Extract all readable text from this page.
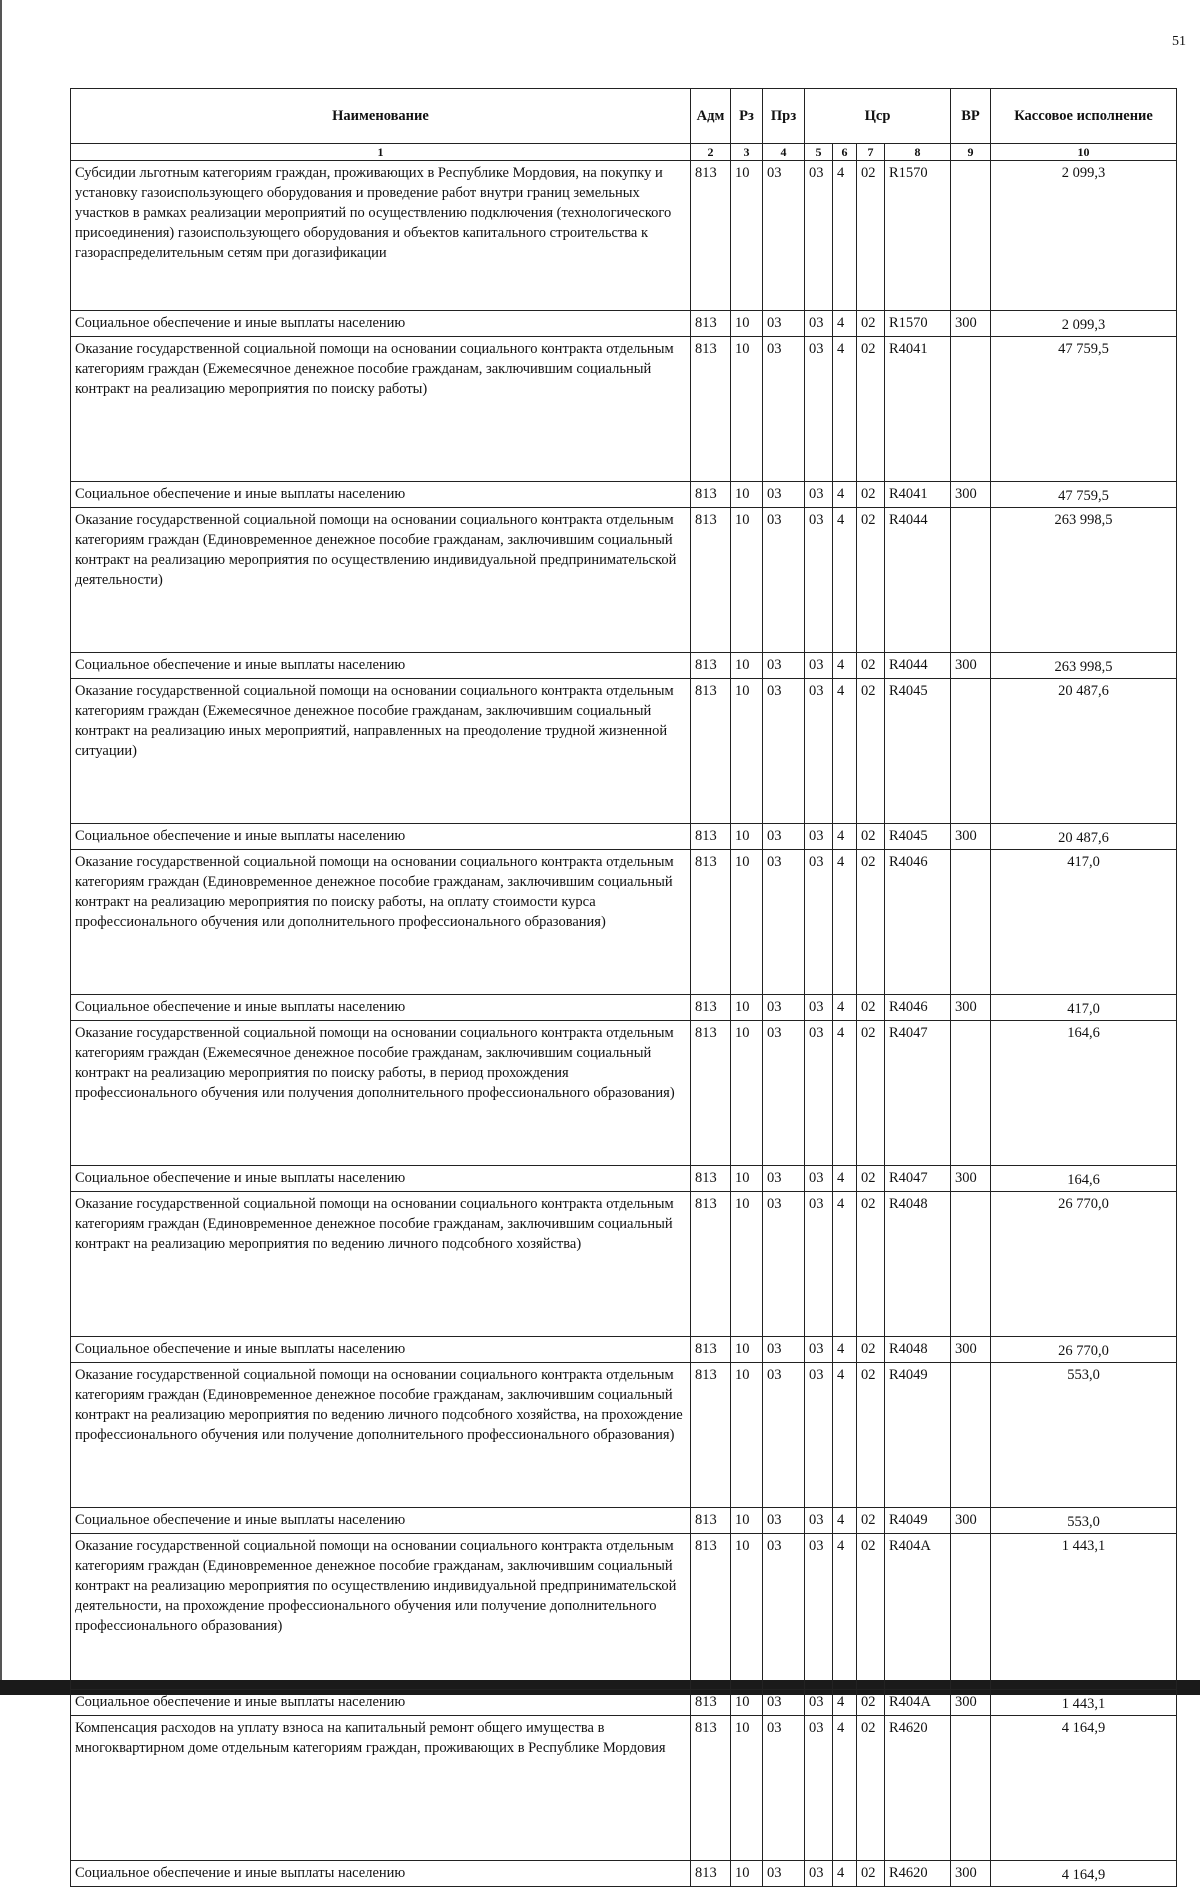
51
Наименование	Адм	Рз	Прз	Цср				ВР	Кассовое исполнение
1	2	3	4	5	6	7	8	9	10
Субсидии льготным категориям граждан, проживающих в Республике Мордовия, на покупку и установку газоиспользующего оборудования и проведение работ внутри границ земельных участков в рамках реализации мероприятий по осуществлению подключения (технологического присоединения) газоиспользующего оборудования и объектов капитального строительства к газораспределительным сетям при догазификации	813	10	03	03	4	02	R1570		2 099,3
Социальное обеспечение и иные выплаты населению	813	10	03	03	4	02	R1570	300	2 099,3
Оказание государственной социальной помощи на основании социального контракта отдельным категориям граждан (Ежемесячное денежное пособие гражданам, заключившим социальный контракт на реализацию мероприятия по поиску работы)	813	10	03	03	4	02	R4041		47 759,5
Социальное обеспечение и иные выплаты населению	813	10	03	03	4	02	R4041	300	47 759,5
Оказание государственной социальной помощи на основании социального контракта отдельным категориям граждан (Единовременное денежное пособие гражданам, заключившим социальный контракт на реализацию мероприятия по осуществлению индивидуальной предпринимательской деятельности)	813	10	03	03	4	02	R4044		263 998,5
Социальное обеспечение и иные выплаты населению	813	10	03	03	4	02	R4044	300	263 998,5
Оказание государственной социальной помощи на основании социального контракта отдельным категориям граждан (Ежемесячное денежное пособие гражданам, заключившим социальный контракт на реализацию иных мероприятий, направленных на преодоление трудной жизненной ситуации)	813	10	03	03	4	02	R4045		20 487,6
Социальное обеспечение и иные выплаты населению	813	10	03	03	4	02	R4045	300	20 487,6
Оказание государственной социальной помощи на основании социального контракта отдельным категориям граждан (Единовременное денежное пособие гражданам, заключившим социальный контракт на реализацию мероприятия по поиску работы, на оплату стоимости курса профессионального обучения или дополнительного профессионального образования)	813	10	03	03	4	02	R4046		417,0
Социальное обеспечение и иные выплаты населению	813	10	03	03	4	02	R4046	300	417,0
Оказание государственной социальной помощи на основании социального контракта отдельным категориям граждан (Ежемесячное денежное пособие гражданам, заключившим социальный контракт на реализацию мероприятия по поиску работы, в период прохождения профессионального обучения или получения дополнительного профессионального образования)	813	10	03	03	4	02	R4047		164,6
Социальное обеспечение и иные выплаты населению	813	10	03	03	4	02	R4047	300	164,6
Оказание государственной социальной помощи на основании социального контракта отдельным категориям граждан (Единовременное денежное пособие гражданам, заключившим социальный контракт на реализацию мероприятия по ведению личного подсобного хозяйства)	813	10	03	03	4	02	R4048		26 770,0
Социальное обеспечение и иные выплаты населению	813	10	03	03	4	02	R4048	300	26 770,0
Оказание государственной социальной помощи на основании социального контракта отдельным категориям граждан (Единовременное денежное пособие гражданам, заключившим социальный контракт на реализацию мероприятия по ведению личного подсобного хозяйства, на прохождение профессионального обучения или получение дополнительного профессионального образования)	813	10	03	03	4	02	R4049		553,0
Социальное обеспечение и иные выплаты населению	813	10	03	03	4	02	R4049	300	553,0
Оказание государственной социальной помощи на основании социального контракта отдельным категориям граждан (Единовременное денежное пособие гражданам, заключившим социальный контракт на реализацию мероприятия по осуществлению индивидуальной предпринимательской деятельности, на прохождение профессионального обучения или получение дополнительного профессионального образования)	813	10	03	03	4	02	R404A		1 443,1
Социальное обеспечение и иные выплаты населению	813	10	03	03	4	02	R404A	300	1 443,1
Компенсация расходов на уплату взноса на капитальный ремонт общего имущества в многоквартирном доме отдельным категориям граждан, проживающих в Республике Мордовия	813	10	03	03	4	02	R4620		4 164,9
Социальное обеспечение и иные выплаты населению	813	10	03	03	4	02	R4620	300	4 164,9
